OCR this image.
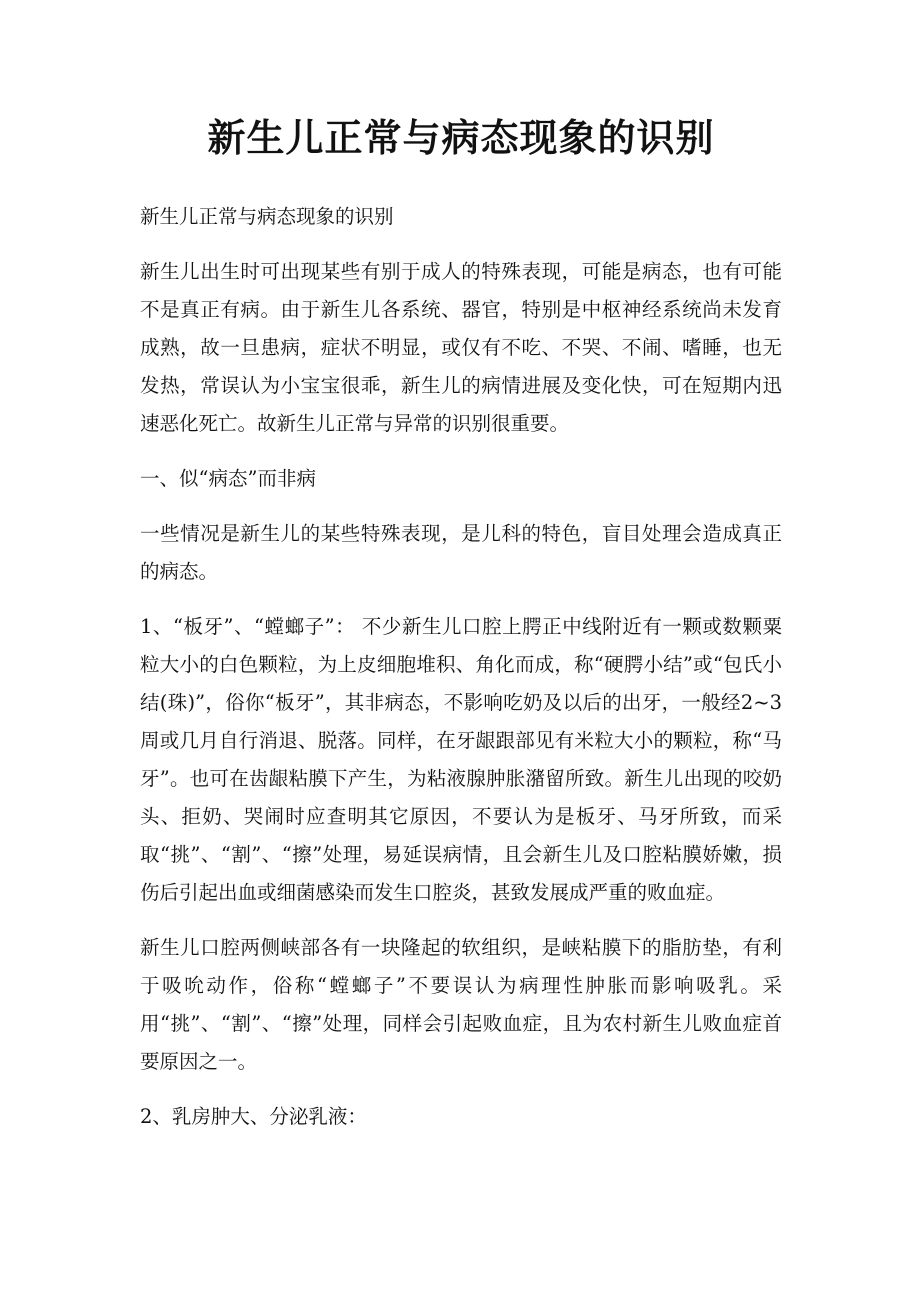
新生儿正常与病态现象的识别

新生儿正常与病态现象的识别

新生儿出生时可出现某些有别于成人的特殊表现，可能是病态，也有可能不是真正有病。由于新生儿各系统、器官，特别是中枢神经系统尚未发育成熟，故一旦患病，症状不明显，或仅有不吃、不哭、不闹、嗜睡，也无发热，常误认为小宝宝很乖，新生儿的病情进展及变化快，可在短期内迅速恶化死亡。故新生儿正常与异常的识别很重要。

一、似“病态”而非病

一些情况是新生儿的某些特殊表现，是儿科的特色，盲目处理会造成真正的病态。

1、“板牙”、“螳螂子”： 不少新生儿口腔上腭正中线附近有一颗或数颗粟粒大小的白色颗粒，为上皮细胞堆积、角化而成，称“硬腭小结”或“包氏小结(珠)”，俗你“板牙”，其非病态，不影响吃奶及以后的出牙，一般经2~3周或几月自行消退、脱落。同样，在牙龈跟部见有米粒大小的颗粒，称“马牙”。也可在齿龈粘膜下产生，为粘液腺肿胀潴留所致。新生儿出现的咬奶头、拒奶、哭闹时应查明其它原因，不要认为是板牙、马牙所致，而采取“挑”、“割”、“擦”处理，易延误病情，且会新生儿及口腔粘膜娇嫩，损伤后引起出血或细菌感染而发生口腔炎，甚致发展成严重的败血症。

新生儿口腔两侧峡部各有一块隆起的软组织，是峡粘膜下的脂肪垫，有利于吸吮动作，俗称“螳螂子”不要误认为病理性肿胀而影响吸乳。采用“挑”、“割”、“擦”处理，同样会引起败血症，且为农村新生儿败血症首要原因之一。

2、乳房肿大、分泌乳液：
